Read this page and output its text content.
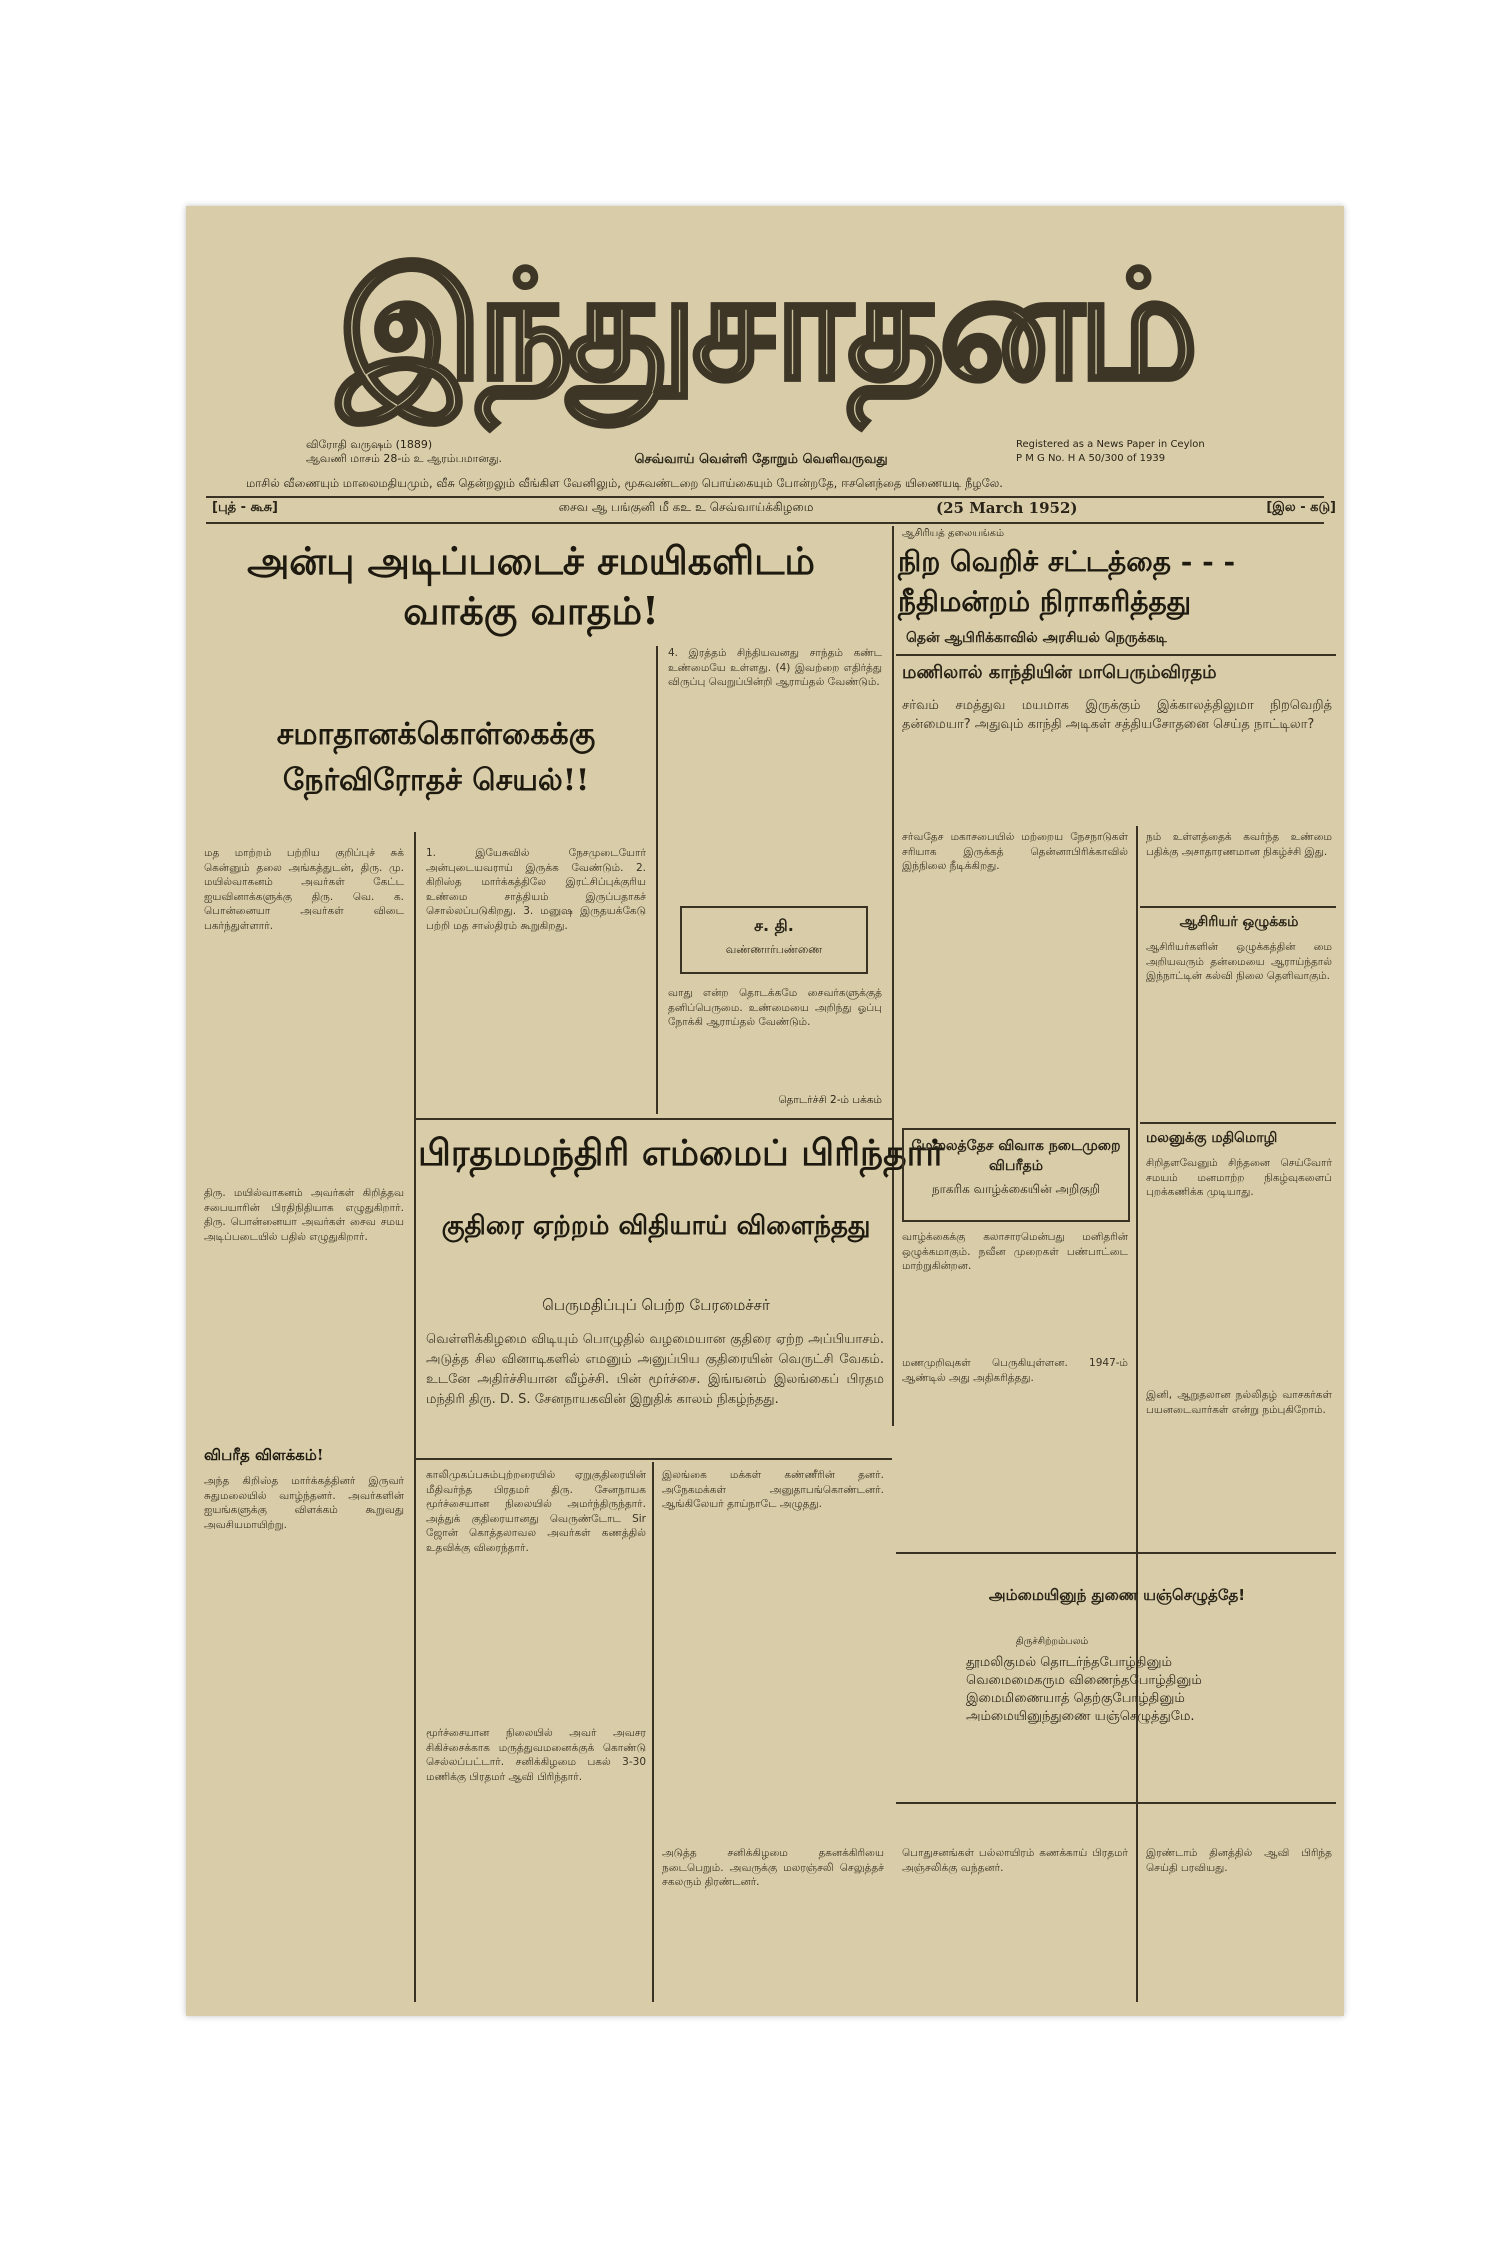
இந்துசாதனம்
விரோதி வருஷம் (1889)
ஆவணி மாசம் 28-ம் உ ஆரம்பமானது.	செவ்வாய் வெள்ளி தோறும் வெளிவருவது
Registered as a News Paper in Ceylon
P M G No. H A 50/300 of 1939
மாசில் வீணையும் மாலைமதியமும், வீசு தென்றலும் வீங்கிள வேனிலும், மூசுவண்டறை பொய்கையும் போன்றதே, ஈசனெந்தை யிணையடி நீழலே.
[புத் - கூசு]	சைவ ஆ பங்குனி மீ கஉ உ செவ்வாய்க்கிழமை	(25 March 1952)	[இல - கடு]
அன்பு அடிப்படைச் சமயிகளிடம் வாக்கு வாதம்!
சமாதானக்கொள்கைக்கு நேர்விரோதச் செயல்!!
மத மாற்றம் பற்றிய குறிப்புச் சுக் கென்னும் தலை அங்கத்துடன், திரு. மு. மயில்வாகனம் அவர்கள் கேட்ட ஐயவினாக்களுக்கு திரு. வெ. க. பொன்னையா அவர்கள் விடை பகர்ந்துள்ளார்.
திரு. மயில்வாகனம் அவர்கள் கிறித்தவ சபையாரின் பிரதிநிதியாக எழுதுகிறார். திரு. பொன்னையா அவர்கள் சைவ சமய அடிப்படையில் பதில் எழுதுகிறார்.
விபரீத விளக்கம்!
அந்த கிறிஸ்த மார்க்கத்தினர் இருவர் சுதுமலையில் வாழ்ந்தனர். அவர்களின் ஐயங்களுக்கு விளக்கம் கூறுவது அவசியமாயிற்று.
1. இயேசுவில் நேசமுடையோர் அன்புடையவராய் இருக்க வேண்டும். 2. கிறிஸ்த மார்க்கத்திலே இரட்சிப்புக்குரிய உண்மை சாத்தியம் இருப்பதாகச் சொல்லப்படுகிறது. 3. மனுஷ இருதயக்கேடு பற்றி மத சாஸ்திரம் கூறுகிறது.
4. இரத்தம் சிந்தியவனது சாந்தம் கண்ட உண்மையே உள்ளது. (4) இவற்றை எதிர்த்து விருப்பு வெறுப்பின்றி ஆராய்தல் வேண்டும்.
ச. தி.
வண்ணார்பண்ணை
வாது என்ற தொடக்கமே சைவர்களுக்குத் தனிப்பெருமை. உண்மையை அறிந்து ஓப்பு நோக்கி ஆராய்தல் வேண்டும்.
தொடர்ச்சி 2-ம் பக்கம்
ஆசிரியத் தலையங்கம்
நிற வெறிச் சட்டத்தை - - - நீதிமன்றம் நிராகரித்தது
தென் ஆபிரிக்காவில் அரசியல் நெருக்கடி
மணிலால் காந்தியின் மாபெரும்விரதம்
சர்வம் சமத்துவ மயமாக இருக்கும் இக்காலத்திலுமா நிறவெறித் தன்மையா? அதுவும் காந்தி அடிகள் சத்தியசோதனை செய்த நாட்டிலா?
சர்வதேச மகாசபையில் மற்றைய நேசநாடுகள் சரியாக இருக்கத் தென்னாபிரிக்காவில் இந்நிலை நீடிக்கிறது.
நம் உள்ளத்தைக் கவர்ந்த உண்மை பதிக்கு அசாதாரணமான நிகழ்ச்சி இது.
ஆசிரியர் ஒழுக்கம்
ஆசிரியர்களின் ஒழுக்கத்தின் மை அறியவரும் தன்மையை ஆராய்ந்தால் இந்நாட்டின் கல்வி நிலை தெளிவாகும்.
மலனுக்கு மதிமொழி
சிறிதளவேனும் சிந்தனை செய்வோர் சமயம் மனமாற்ற நிகழ்வுகளைப் புறக்கணிக்க முடியாது.
இனி, ஆறுதலான நல்லிதழ் வாசகர்கள் பயனடைவார்கள் என்று நம்புகிறோம்.
பிரதமமந்திரி எம்மைப் பிரிந்தார்
குதிரை ஏற்றம் விதியாய் விளைந்தது
பெருமதிப்புப் பெற்ற பேரமைச்சர்
வெள்ளிக்கிழமை விடியும் பொழுதில் வழமையான குதிரை ஏற்ற அப்பியாசம். அடுத்த சில வினாடிகளில் எமனும் அனுப்பிய குதிரையின் வெருட்சி வேகம். உடனே அதிர்ச்சியான வீழ்ச்சி. பின் மூர்ச்சை. இங்ஙனம் இலங்கைப் பிரதம மந்திரி திரு. D. S. சேனநாயகவின் இறுதிக் காலம் நிகழ்ந்தது.
காலிமுகப்பசும்புற்றரையில் ஏறுகுதிரையின் மீதிவர்ந்த பிரதமர் திரு. சேனநாயக மூர்ச்சையான நிலையில் அமர்ந்திருந்தார். அத்துக் குதிரையானது வெருண்டோட Sir ஜோன் கொத்தலாவல அவர்கள் கணத்தில் உதவிக்கு விரைந்தார்.
மூர்ச்சையான நிலையில் அவர் அவசர சிகிச்சைக்காக மருத்துவமனைக்குக் கொண்டு செல்லப்பட்டார். சனிக்கிழமை பகல் 3-30 மணிக்கு பிரதமர் ஆவி பிரிந்தார்.
இலங்கை மக்கள் கண்ணீரின் தனர். அநேகமக்கள் அனுதாபங்கொண்டனர். ஆங்கிலேயர் தாய்நாடே அழுதது.
அடுத்த சனிக்கிழமை தகனக்கிரியை நடைபெறும். அவருக்கு மலரஞ்சலி செலுத்தச் சகலரும் திரண்டனர்.
மேலைத்தேச விவாக நடைமுறை விபரீதம்
நாகரிக வாழ்க்கையின் அறிகுறி
வாழ்க்கைக்கு கலாசாரமென்பது மனிதரின் ஒழுக்கமாகும். நவீன முறைகள் பண்பாட்டை மாற்றுகின்றன.
மணமுறிவுகள் பெருகியுள்ளன. 1947-ம் ஆண்டில் அது அதிகரித்தது.
அம்மையினுந் துணை யஞ்செழுத்தே!
திருச்சிற்றம்பலம்
தூமலிகுமல் தொடர்ந்தபோழ்தினும்
வெமைமைகரும விணைந்தபோழ்தினும்
இமைமிணையாத் தெற்குபோழ்தினும்
அம்மையினுந்துணை யஞ்செழுத்துமே.
பொதுசனங்கள் பல்லாயிரம் கணக்காய் பிரதமர் அஞ்சலிக்கு வந்தனர்.
இரண்டாம் தினத்தில் ஆவி பிரிந்த செய்தி பரவியது.
